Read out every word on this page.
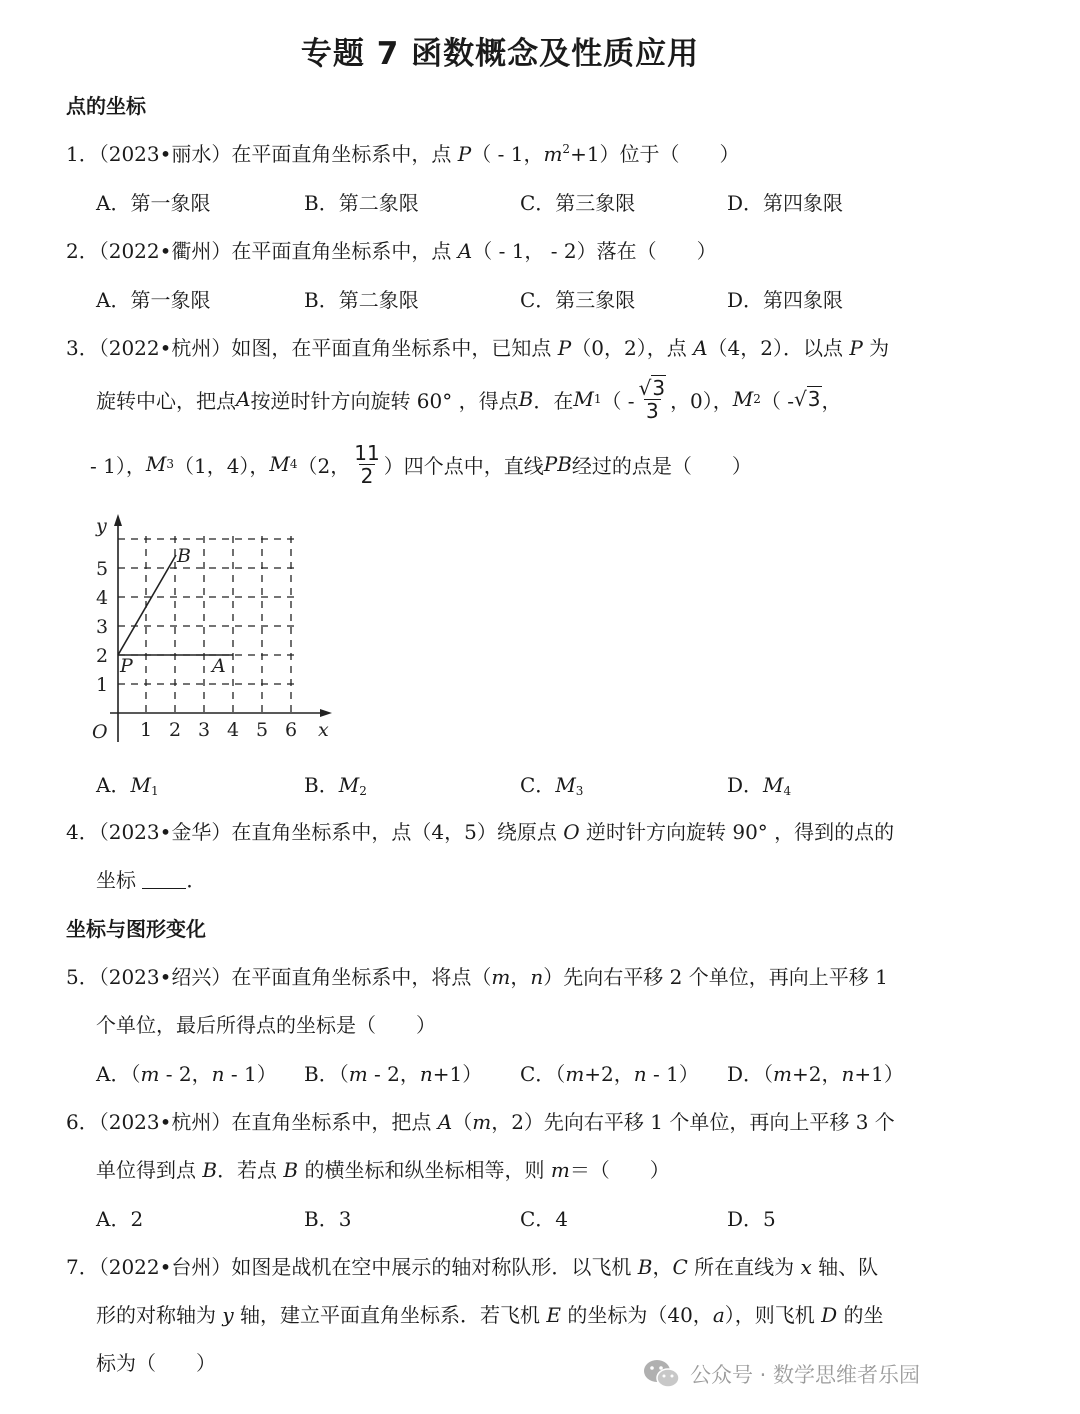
专题 7 函数概念及性质应用
点的坐标
1．（2023•丽水）在平面直角坐标系中，点 P（ - 1，$m^2+1$）位于（　　）
A．第一象限	B．第二象限	C．第三象限	D．第四象限
2．（2022•衢州）在平面直角坐标系中，点 A（ - 1， - 2）落在（　　）
A．第一象限	B．第二象限	C．第三象限	D．第四象限
3．（2022•杭州）如图，在平面直角坐标系中，已知点 P（0，2），点 A（4，2）．以点 P 为
旋转中心，把点 A 按逆时针方向旋转 60° ，得点 B ．在 M 1 （ - $\frac{√3}{3}$ ，0）， M 2 （ - √3 ，
- 1）， M 3 （1，4）， M 4 （2， $\frac{11}{2}$ ）四个点中，直线 PB 经过的点是（　　）
y
x
O 1 2 3 4 5 6
1
2
3
4
5
P	A
B
A．$M_1$	B．$M_2$	C．$M_3$	D．$M_4$
4．（2023•金华）在直角坐标系中，点（4，5）绕原点 O 逆时针方向旋转 90° ，得到的点的
坐标 ．
坐标与图形变化
5．（2023•绍兴）在平面直角坐标系中，将点（m，n）先向右平移 2 个单位，再向上平移 1
个单位，最后所得点的坐标是（　　）
A．（m - 2，n - 1） B．（m - 2，n+1） C．（m+2，n - 1） D．（m+2，n+1）
6．（2023•杭州）在直角坐标系中，把点 A（m，2）先向右平移 1 个单位，再向上平移 3 个
单位得到点 B．若点 B 的横坐标和纵坐标相等，则 m＝（　　）
A．2	B．3	C．4	D．5
7．（2022•台州）如图是战机在空中展示的轴对称队形．以飞机 B，C 所在直线为 x 轴、队
形的对称轴为 y 轴，建立平面直角坐标系．若飞机 E 的坐标为（40，a），则飞机 D 的坐
标为（　　）	公众号 · 数学思维者乐园
